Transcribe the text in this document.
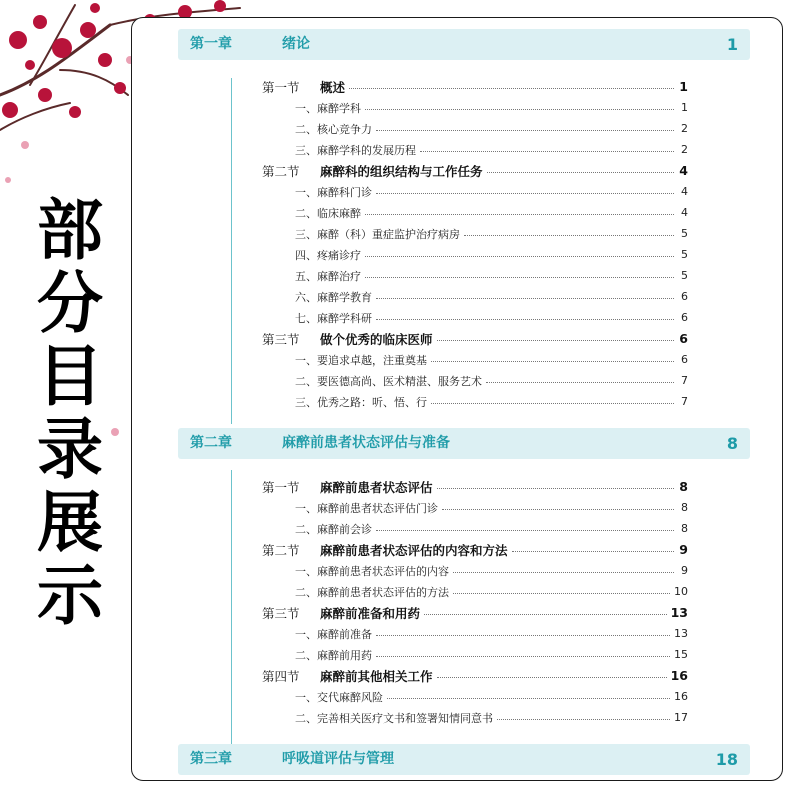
部
分
目
录
展
示
第一章	绪论	1
第一节	概述	1
一、 麻醉学科	1
二、 核心竞争力	2
三、 麻醉学科的发展历程	2
第二节	麻醉科的组织结构与工作任务	4
一、 麻醉科门诊	4
二、 临床麻醉	4
三、 麻醉（科）重症监护治疗病房	5
四、 疼痛诊疗	5
五、 麻醉治疗	5
六、 麻醉学教育	6
七、 麻醉学科研	6
第三节	做个优秀的临床医师	6
一、 要追求卓越，注重奠基	6
二、 要医德高尚、医术精湛、服务艺术	7
三、 优秀之路：听、悟、行	7
第二章	麻醉前患者状态评估与准备	8
第一节	麻醉前患者状态评估	8
一、 麻醉前患者状态评估门诊	8
二、 麻醉前会诊	8
第二节	麻醉前患者状态评估的内容和方法	9
一、 麻醉前患者状态评估的内容	9
二、 麻醉前患者状态评估的方法	10
第三节	麻醉前准备和用药	13
一、 麻醉前准备	13
二、 麻醉前用药	15
第四节	麻醉前其他相关工作	16
一、 交代麻醉风险	16
二、 完善相关医疗文书和签署知情同意书	17
第三章	呼吸道评估与管理	18
